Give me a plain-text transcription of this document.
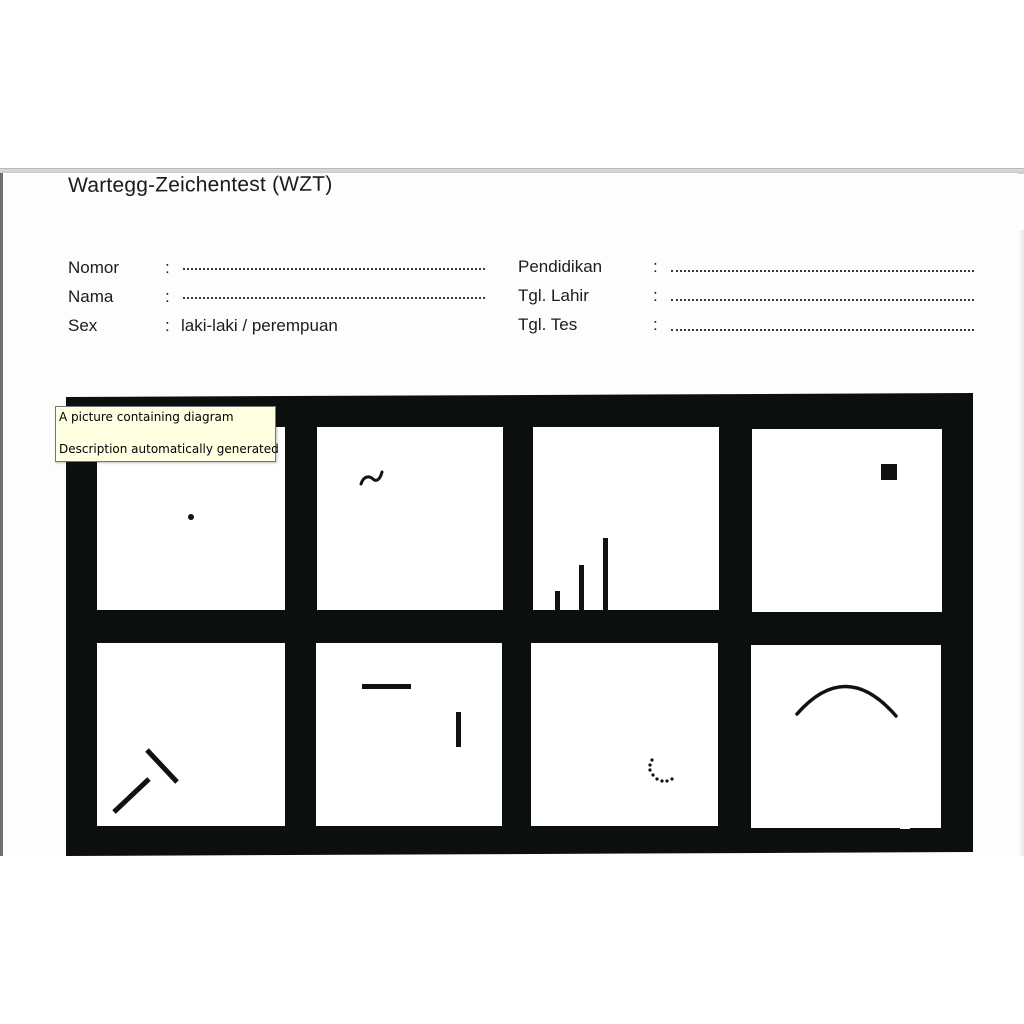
Wartegg-Zeichentest (WZT)
Nomor	:
Nama	:
Sex	: laki-laki / perempuan
Pendidikan	:
Tgl. Lahir	:
Tgl. Tes	:
A picture containing diagram
Description automatically generated
